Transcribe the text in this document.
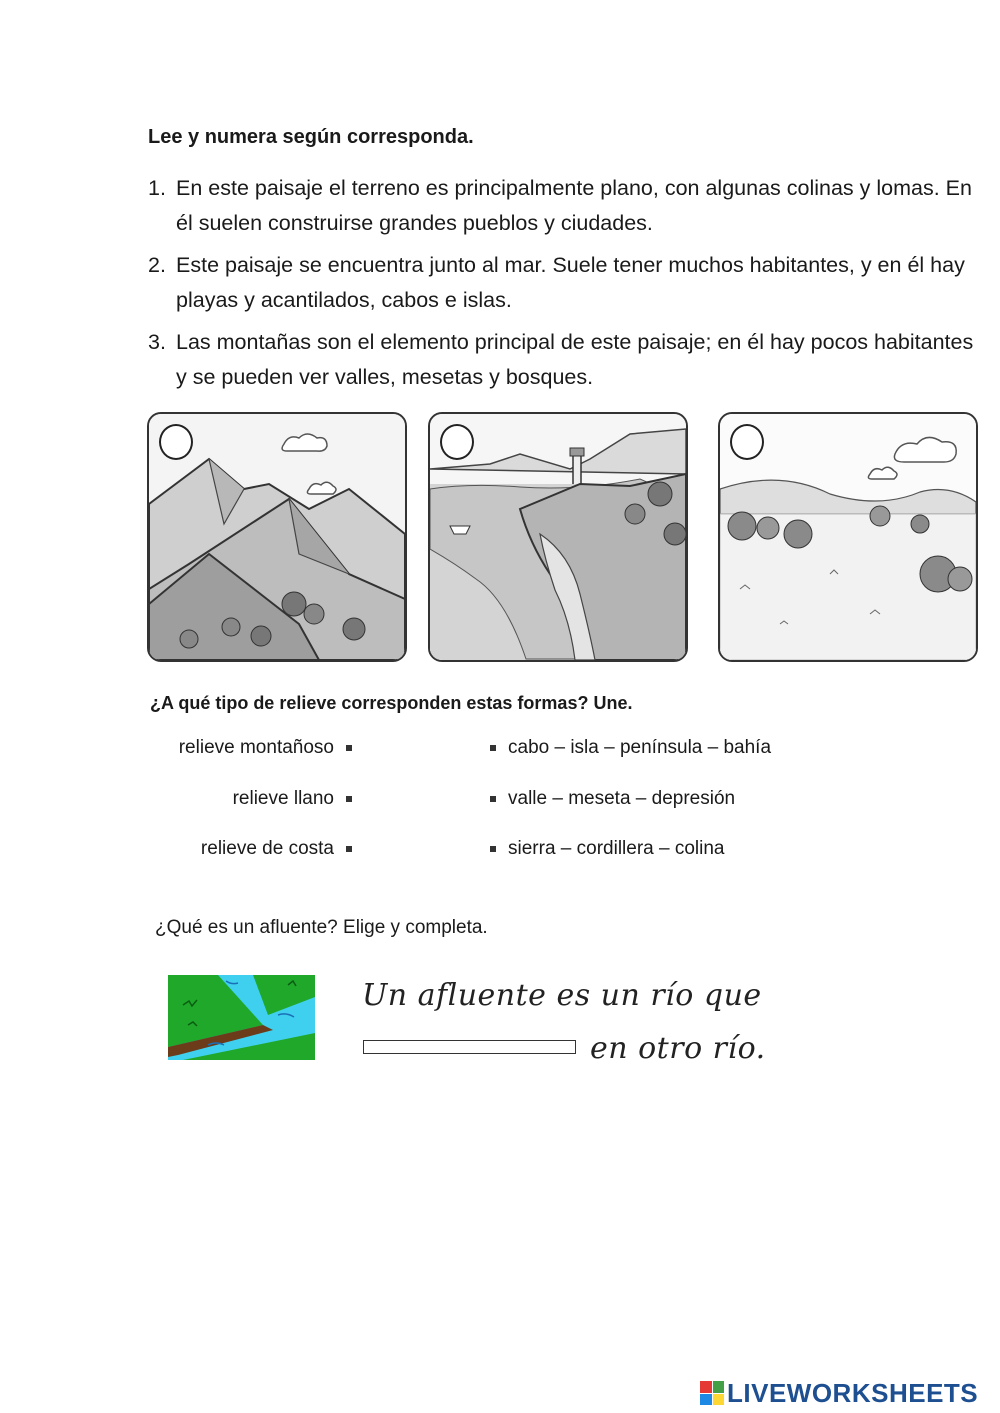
Lee y numera según corresponda.
1. En este paisaje el terreno es principalmente plano, con algunas colinas y lomas. En él suelen construirse grandes pueblos y ciudades.
2. Este paisaje se encuentra junto al mar. Suele tener muchos habitantes, y en él hay playas y acantilados, cabos e islas.
3. Las montañas son el elemento principal de este paisaje; en él hay pocos habitantes y se pueden ver valles, mesetas y bosques.
¿A qué tipo de relieve corresponden estas formas? Une.
relieve montañoso	cabo – isla – península – bahía
relieve llano	valle – meseta – depresión
relieve de costa	sierra – cordillera – colina
¿Qué es un afluente? Elige y completa.
Un afluente es un río que
en otro río.
LIVEWORKSHEETS
